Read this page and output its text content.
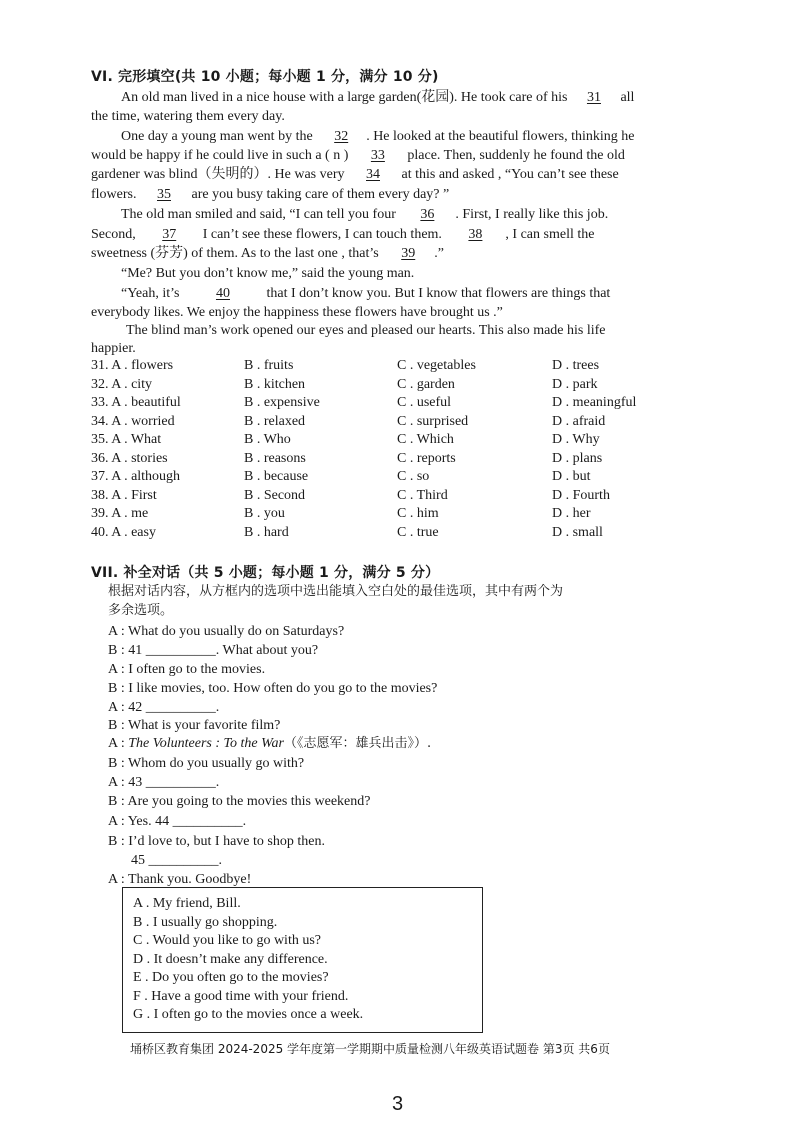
VI. 完形填空(共 10 小题；每小题 1 分，满分 10 分)
An old man lived in a nice house with a large garden(花园). He took care of his 31 all
the time, watering them every day.
One day a young man went by the 32 . He looked at the beautiful flowers, thinking he
would be happy if he could live in such a ( n ) 33 place. Then, suddenly he found the old
gardener was blind（失明的）. He was very 34 at this and asked , “You can’t see these
flowers. 35 are you busy taking care of them every day? ”
The old man smiled and said, “I can tell you four 36 . First, I really like this job.
Second, 37 I can’t see these flowers, I can touch them. 38 , I can smell the
sweetness (芬芳) of them. As to the last one , that’s 39 .”
“Me? But you don’t know me,” said the young man.
“Yeah, it’s 40 that I don’t know you. But I know that flowers are things that
everybody likes. We enjoy the happiness these flowers have brought us .”
The blind man’s work opened our eyes and pleased our hearts. This also made his life
happier.
31. A . flowers	B . fruits	C . vegetables	D . trees
32. A . city	B . kitchen	C . garden	D . park
33. A . beautiful	B . expensive	C . useful	D . meaningful
34. A . worried	B . relaxed	C . surprised	D . afraid
35. A . What	B . Who	C . Which	D . Why
36. A . stories	B . reasons	C . reports	D . plans
37. A . although	B . because	C . so	D . but
38. A . First	B . Second	C . Third	D . Fourth
39. A . me	B . you	C . him	D . her
40. A . easy	B . hard	C . true	D . small
VII. 补全对话（共 5 小题；每小题 1 分，满分 5 分）
根据对话内容，从方框内的选项中选出能填入空白处的最佳选项，其中有两个为
多余选项。
A : What do you usually do on Saturdays?
B : 41 __________. What about you?
A : I often go to the movies.
B : I like movies, too. How often do you go to the movies?
A : 42 __________.
B : What is your favorite film?
B : Whom do you usually go with?
A : 43 __________.
B : Are you going to the movies this weekend?
A : Yes. 44 __________.
B : I’d love to, but I have to shop then.
45 __________.
A : Thank you. Goodbye!
A : The Volunteers : To the War（《志愿军：雄兵出击》）.
A . My friend, Bill.
B . I usually go shopping.
C . Would you like to go with us?
D . It doesn’t make any difference.
E . Do you often go to the movies?
F . Have a good time with your friend.
G . I often go to the movies once a week.
埇桥区教育集团 2024-2025 学年度第一学期期中质量检测八年级英语试题卷 第3页 共6页
3
